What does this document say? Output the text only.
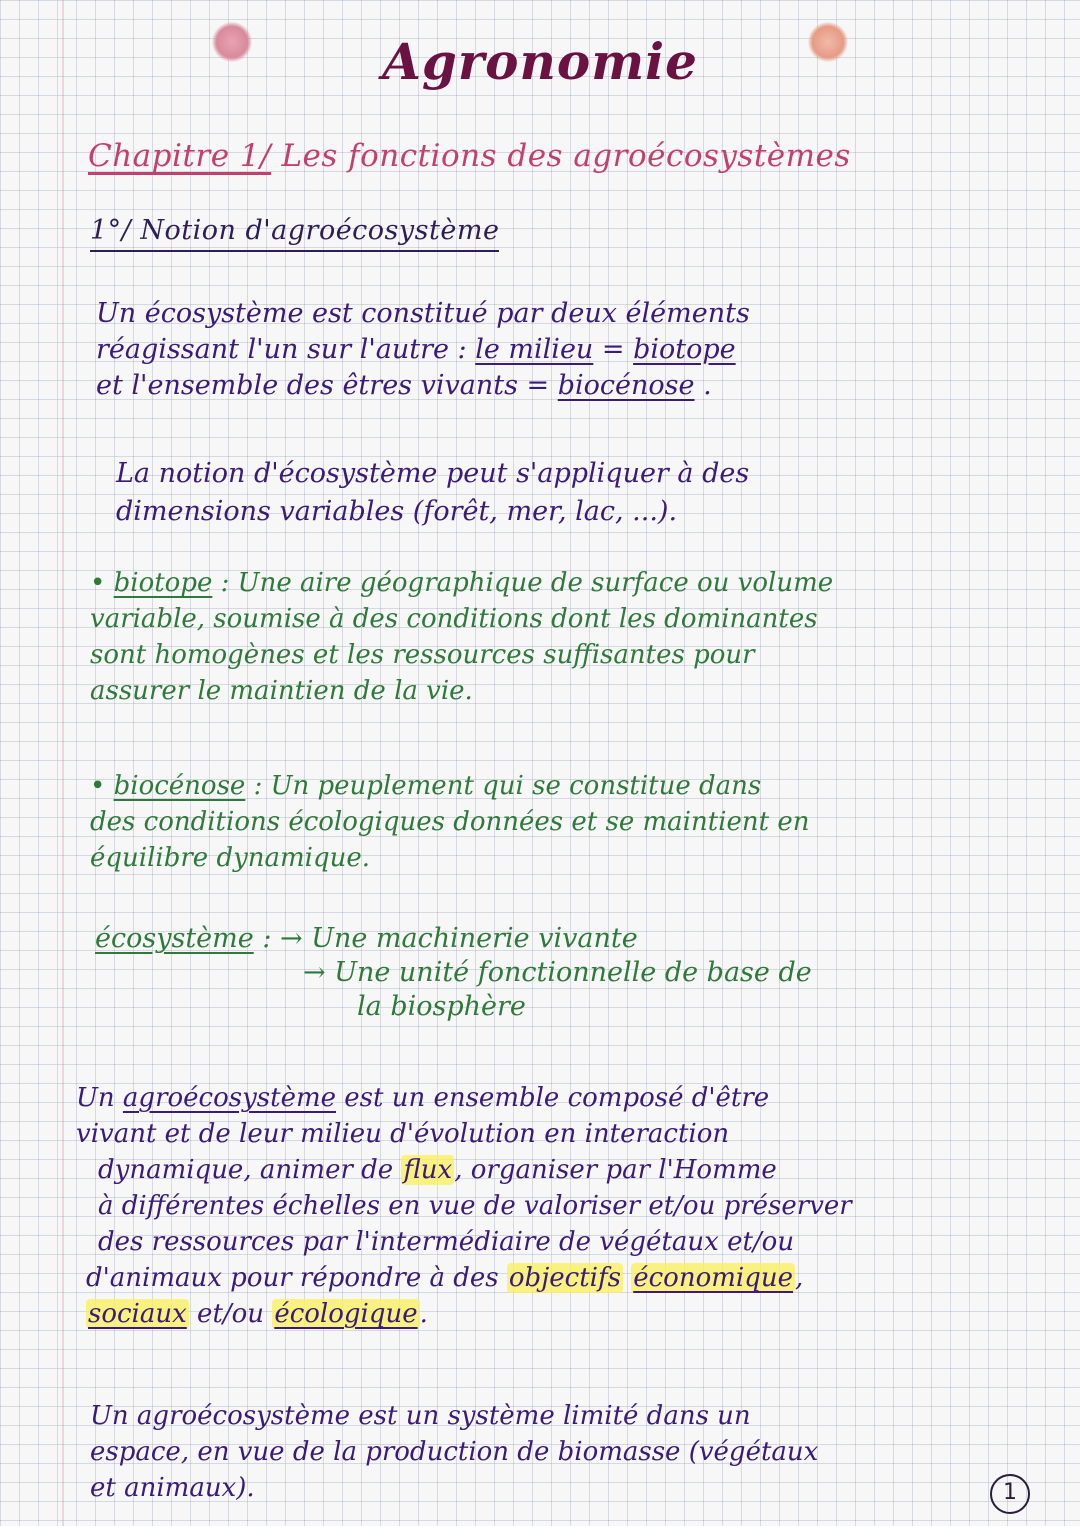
Agronomie
Chapitre 1/ Les fonctions des agroécosystèmes
1°/ Notion d'agroécosystème
Un écosystème est constitué par deux éléments
réagissant l'un sur l'autre : le milieu = biotope
et l'ensemble des êtres vivants = biocénose .
La notion d'écosystème peut s'appliquer à des
dimensions variables (forêt, mer, lac, ...).
• biotope : Une aire géographique de surface ou volume
variable, soumise à des conditions dont les dominantes
sont homogènes et les ressources suffisantes pour
assurer le maintien de la vie.
• biocénose : Un peuplement qui se constitue dans
des conditions écologiques données et se maintient en
équilibre dynamique.
écosystème : → Une machinerie vivante
→ Une unité fonctionnelle de base de
la biosphère
Un agroécosystème est un ensemble composé d'être
vivant et de leur milieu d'évolution en interaction
dynamique, animer de flux, organiser par l'Homme
à différentes échelles en vue de valoriser et/ou préserver
des ressources par l'intermédiaire de végétaux et/ou
d'animaux pour répondre à des objectifs économique,
sociaux et/ou écologique.
Un agroécosystème est un système limité dans un
espace, en vue de la production de biomasse (végétaux
et animaux).	1
